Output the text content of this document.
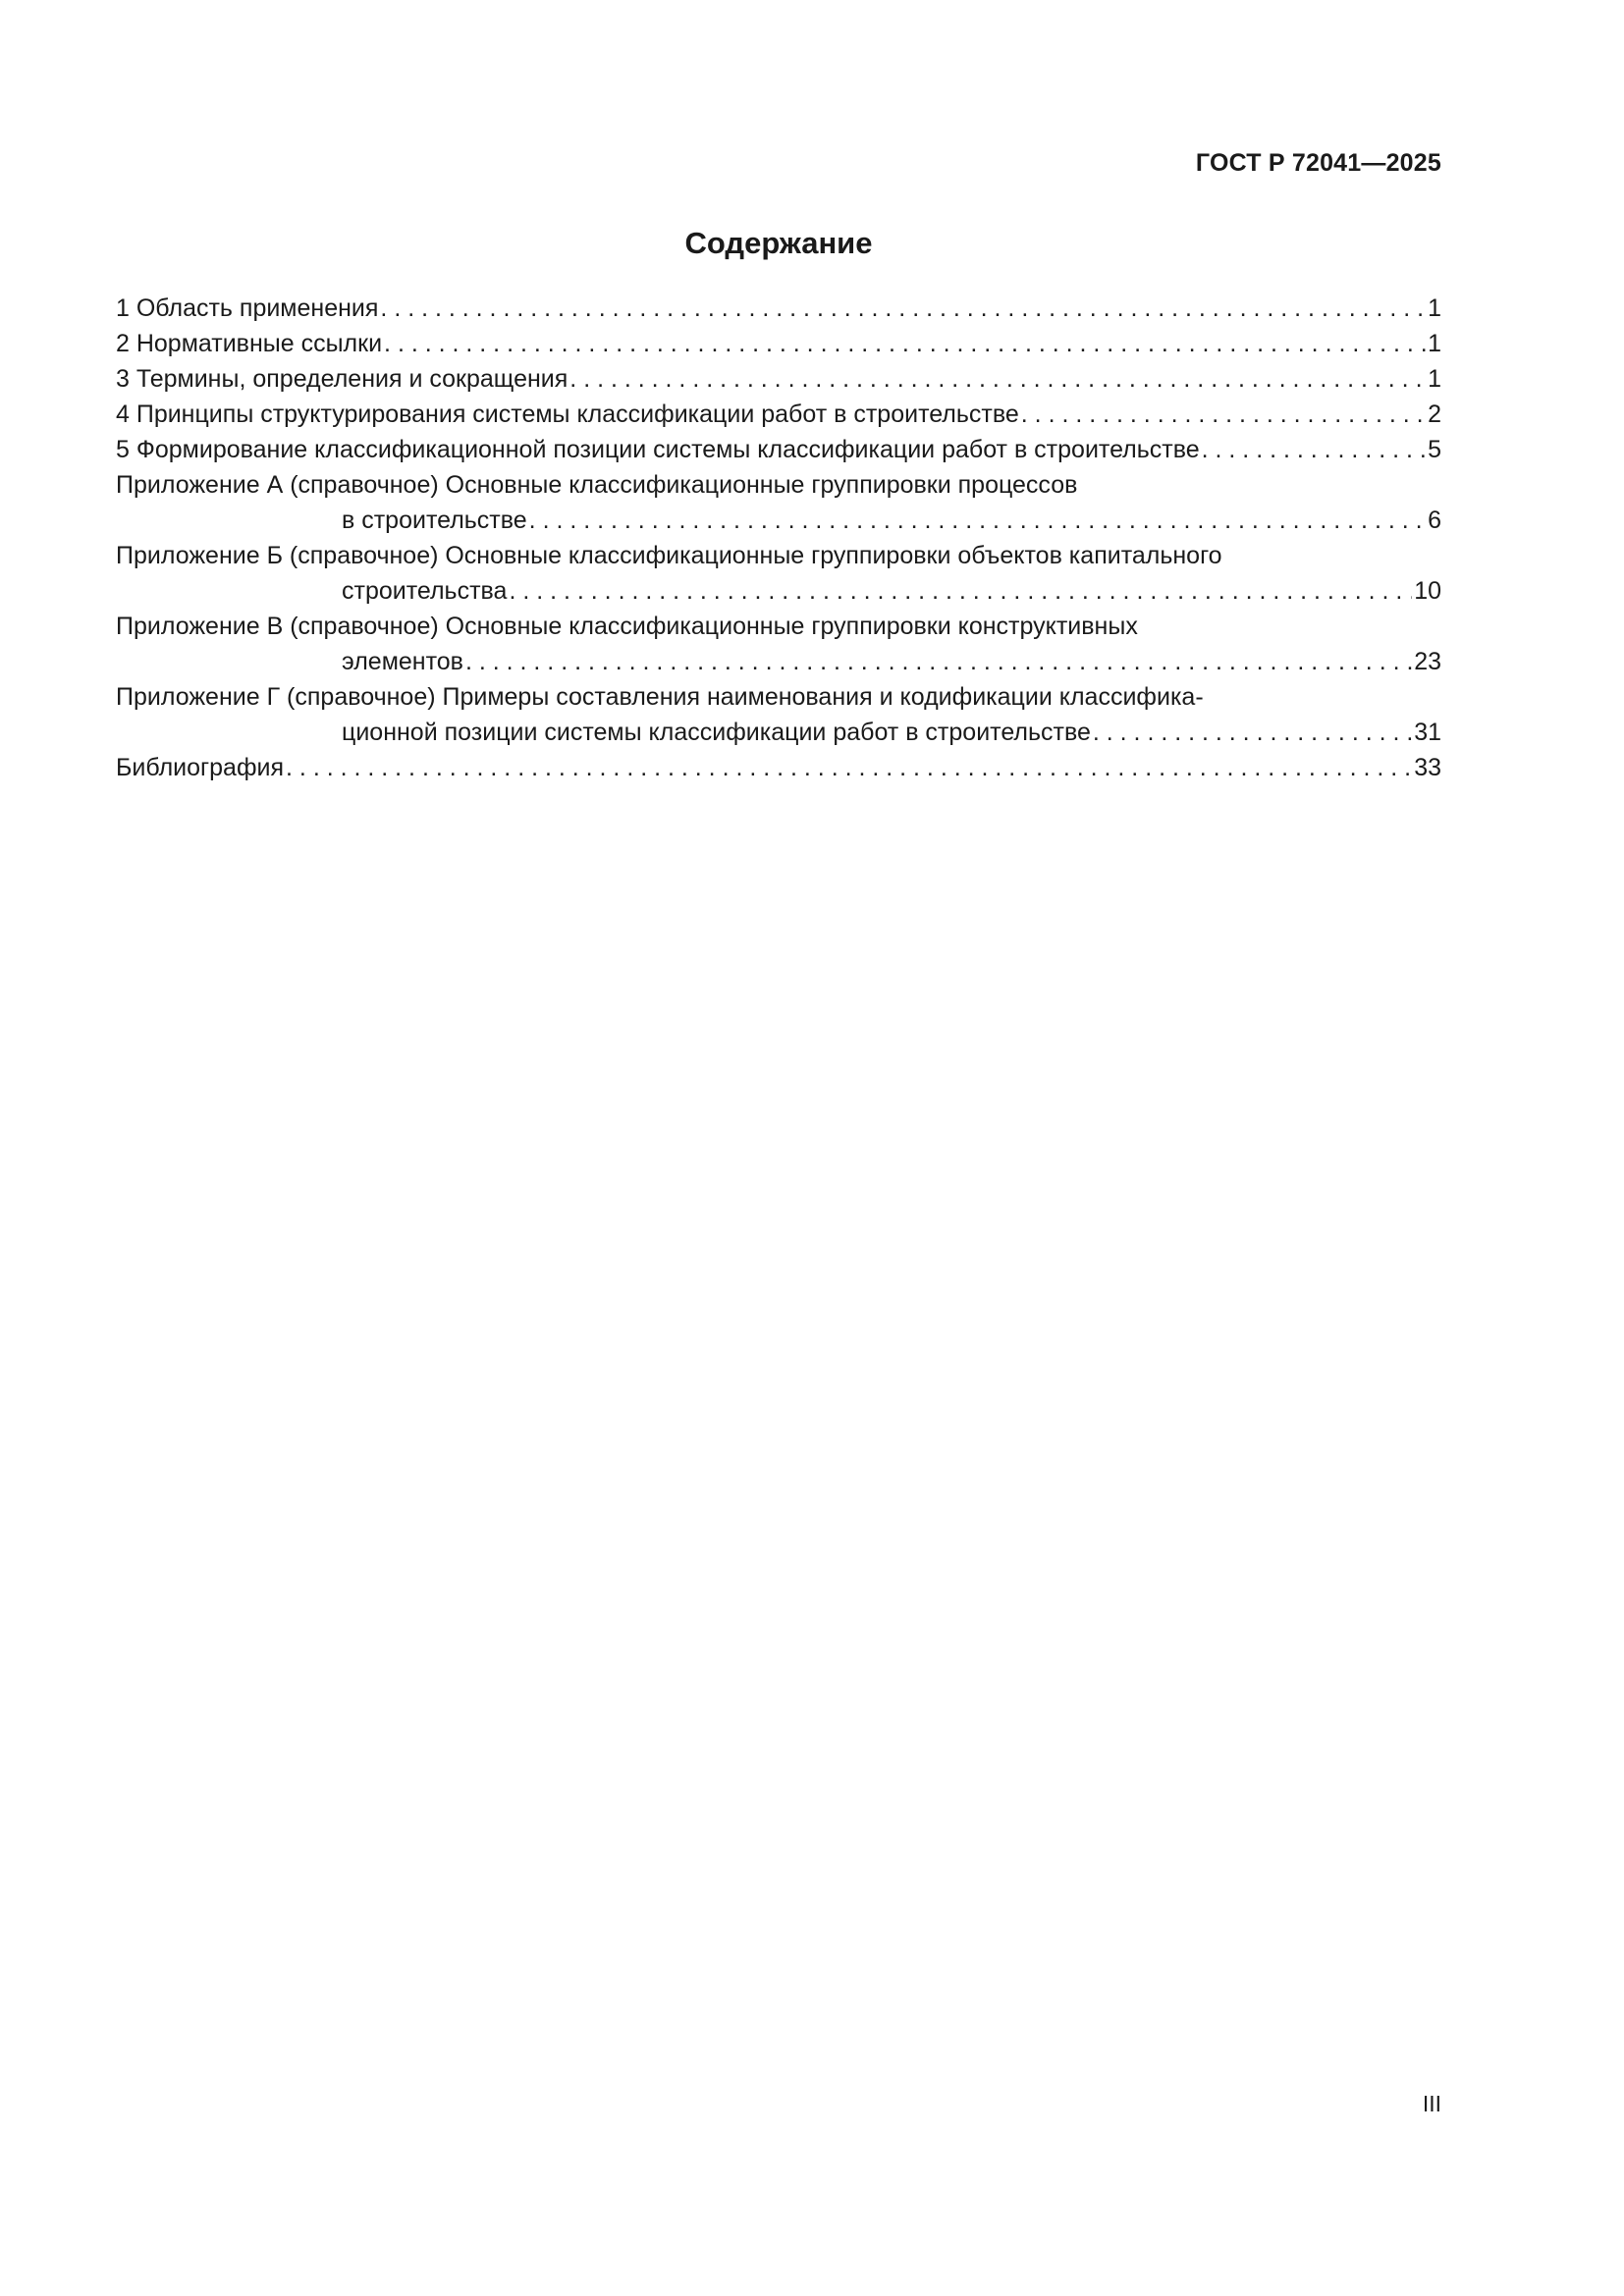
ГОСТ Р 72041—2025
Содержание
1 Область применения . . .	1
2 Нормативные ссылки . . .	1
3 Термины, определения и сокращения . . .	1
4 Принципы структурирования системы классификации работ в строительстве . . .	2
5 Формирование классификационной позиции системы классификации работ в строительстве . . .	5
Приложение А (справочное) Основные классификационные группировки процессов
в строительстве . . .	6
Приложение Б (справочное) Основные классификационные группировки объектов капитального
строительства . . .	10
Приложение В (справочное) Основные классификационные группировки конструктивных
элементов . . .	23
Приложение Г (справочное) Примеры составления наименования и кодификации классифика-
ционной позиции системы классификации работ в строительстве . . .	31
Библиография . . .	33
III
